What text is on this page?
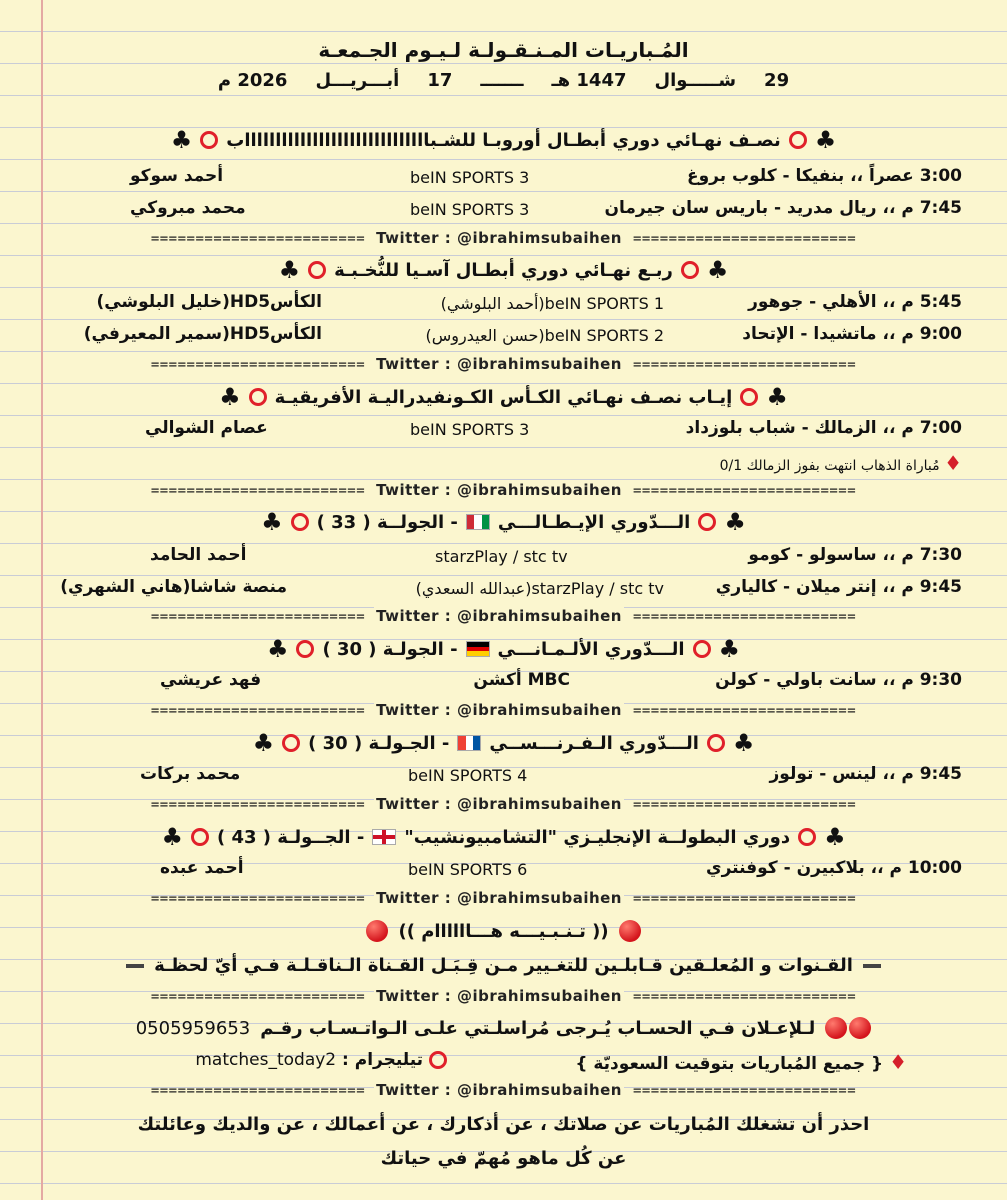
المُـباريـات المـنـقـولـة لـيـوم الجـمعـة
29شـــــوال1447 هــــــــ17أبـــريـــل2026 م
♣
نصـف نهـائي دوري أبطـال أوروبـا للشـبااااااااااااااااااااااااااااااب
♣
3:00 عصراً ،، بنفيكا - كلوب بروغ
beIN SPORTS 3
أحمد سوكو
7:45 م ،، ريال مدريد - باريس سان جيرمان
beIN SPORTS 3
محمد مبروكي
======================== Twitter : @ibrahimsubaihen =========================
♣
ربـع نهـائي دوري أبطـال آسـيا للنُّخـبـة
♣
5:45 م ،، الأهلي - جوهور
beIN SPORTS 1(أحمد البلوشي)
الكأسHD5(خليل البلوشي)
9:00 م ،، ماتشيدا - الإتحاد
beIN SPORTS 2(حسن العيدروس)
الكأسHD5(سمير المعيرفي)
======================== Twitter : @ibrahimsubaihen =========================
♣
إيـاب نصـف نهـائي الكـأس الكـونفيدراليـة الأفريقيـة
♣
7:00 م ،، الزمالك - شباب بلوزداد
beIN SPORTS 3
عصام الشوالي
♦ مُباراة الذهاب انتهت بفوز الزمالك 0/1
======================== Twitter : @ibrahimsubaihen =========================
♣
الـــدّوري الإيـطـالـــي
- الجولــة ( 33 )
♣
7:30 م ،، ساسولو - كومو
starzPlay / stc tv
أحمد الحامد
9:45 م ،، إنتر ميلان - كالياري
starzPlay / stc tv(عبدالله السعدي)
منصة شاشا(هاني الشهري)
======================== Twitter : @ibrahimsubaihen =========================
♣
الـــدّوري الألـمـانـــي
- الجولـة ( 30 )
♣
9:30 م ،، سانت باولي - كولن
MBC أكشن
فهد عريشي
======================== Twitter : @ibrahimsubaihen =========================
♣
الـــدّوري الـفـرنـــســي
- الجـولـة ( 30 )
♣
9:45 م ،، لينس - تولوز
beIN SPORTS 4
محمد بركات
======================== Twitter : @ibrahimsubaihen =========================
♣
دوري البطولــة الإنجليـزي "التشامبيونشيب"
- الجــولـة ( 43 )
♣
10:00 م ،، بلاكبيرن - كوفنتري
beIN SPORTS 6
أحمد عبده
======================== Twitter : @ibrahimsubaihen =========================
(( تـنـبـيـــه هـــاااااام ))
القـنوات و المُعلـقين قـابلـين للتغـيير مـن قِـبَـل القـناة الـناقـلـة فـي أيّ لحظـة
======================== Twitter : @ibrahimsubaihen =========================
لـلإعـلان فـي الحسـاب يُـرجى مُراسلـتي علـى الـواتـسـاب رقـم
0505959653
♦ { جميع المُباريات بتوقيت السعوديّة }
تيليجرام : matches_today2
======================== Twitter : @ibrahimsubaihen =========================
احذر أن تشغلك المُباريات عن صلاتك ، عن أذكارك ، عن أعمالك ، عن والديك وعائلتك
عن كُل ماهو مُهمّ في حياتك
